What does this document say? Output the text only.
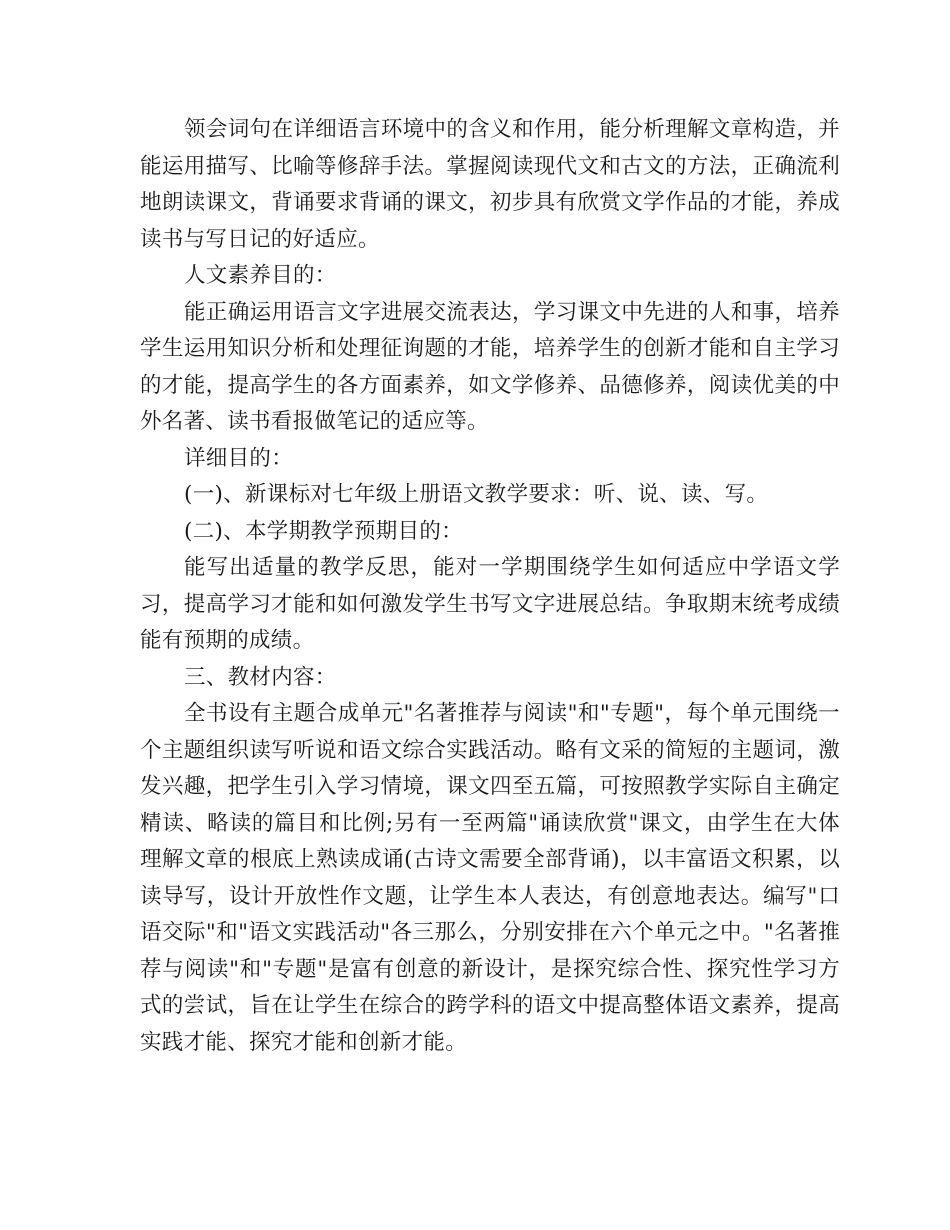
领会词句在详细语言环境中的含义和作用，能分析理解文章构造，并能运用描写、比喻等修辞手法。掌握阅读现代文和古文的方法，正确流利地朗读课文，背诵要求背诵的课文，初步具有欣赏文学作品的才能，养成读书与写日记的好适应。

人文素养目的：

能正确运用语言文字进展交流表达，学习课文中先进的人和事，培养学生运用知识分析和处理征询题的才能，培养学生的创新才能和自主学习的才能，提高学生的各方面素养，如文学修养、品德修养，阅读优美的中外名著、读书看报做笔记的适应等。

详细目的：

(一)、新课标对七年级上册语文教学要求：听、说、读、写。

(二)、本学期教学预期目的：

能写出适量的教学反思，能对一学期围绕学生如何适应中学语文学习，提高学习才能和如何激发学生书写文字进展总结。争取期末统考成绩能有预期的成绩。

三、教材内容：

全书设有主题合成单元"名著推荐与阅读"和"专题"，每个单元围绕一个主题组织读写听说和语文综合实践活动。略有文采的简短的主题词，激发兴趣，把学生引入学习情境，课文四至五篇，可按照教学实际自主确定精读、略读的篇目和比例;另有一至两篇"诵读欣赏"课文，由学生在大体理解文章的根底上熟读成诵(古诗文需要全部背诵)，以丰富语文积累，以读导写，设计开放性作文题，让学生本人表达，有创意地表达。编写"口语交际"和"语文实践活动"各三那么，分别安排在六个单元之中。"名著推荐与阅读"和"专题"是富有创意的新设计，是探究综合性、探究性学习方式的尝试，旨在让学生在综合的跨学科的语文中提高整体语文素养，提高实践才能、探究才能和创新才能。
